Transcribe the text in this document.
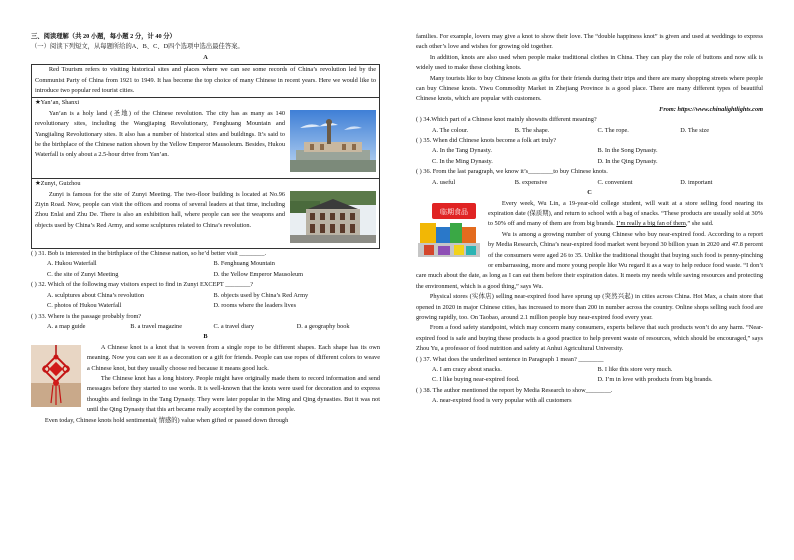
三、阅读理解（共 20 小题，每小题 2 分，计 40 分）

（一）阅读下列短文，从每题所给的A、B、C、D四个选项中选出最佳答案。

A

Red Tourism refers to visiting historical sites and places where we can see some records of China’s revolution led by the Communist Party of China from 1921 to 1949. It has become the top choice of many Chinese in recent years. Here we would like to introduce two popular red tourist cities.

★Yan’an, Shanxi

Yan’an is a holy land (圣地) of the Chinese revolution. The city has as many as 140 revolutionary sites, including the Wangjiaping Revolutionary, Fenghuang Mountain and Yangjialing Revolutionary sites. It also has a number of historical sites and buildings. It’s said to be the birthplace of the Chinese nation shown by the Yellow Emperor Mausoleum. Besides, Hukou Waterfall is only about a 2.5-hour drive from Yan’an.

★Zunyi, Guizhou

Zunyi is famous for the site of Zunyi Meeting. The two-floor building is located at No.96 Ziyin Road. Now, people can visit the offices and rooms of several leaders at that time, including Zhou Enlai and Zhu De. There is also an exhibition hall, where people can see the weapons and objects used by China’s Red Army, and some sculptures related to China’s revolution.

( ) 31. Bob is interested in the birthplace of the Chinese nation, so he’d better visit ________.

A. Hukou Waterfall	B. Fenghuang Mountain
C. the site of Zunyi Meeting	D. the Yellow Emperor Mausoleum

( ) 32. Which of the following may visitors expect to find in Zunyi EXCEPT ________?

A. sculptures about China’s revolution	B. objects used by China’s Red Army
C. photos of Hukou Waterfall	D. rooms where the leaders lives

( ) 33. Where is the passage probably from?

A. a map guide	B. a travel magazine	C. a travel diary	D. a geography book

B

A Chinese knot is a knot that is woven from a single rope to be different shapes. Each shape has its own meaning. Now you can see it as a decoration or a gift for friends. People can use ropes of different colors to weave a Chinese knot, but they usually choose red because it means good luck.

The Chinese knot has a long history. People might have originally made them to record information and send messages before they started to use words. It is well-known that the knots were used for decoration and to express thoughts and feelings in the Tang Dynasty. They were later popular in the Ming and Qing dynasties. But it was not until the Qing Dynasty that this art became really accepted by the common people.

Even today, Chinese knots hold sentimental( 情感的) value when gifted or passed down through

families. For example, lovers may give a knot to show their love. The “double happiness knot” is given and used at weddings to express each other’s love and wishes for growing old together.

In addition, knots are also used when people make traditional clothes in China. They can play the role of buttons and now silk is widely used to make these clothing knots.

Many tourists like to buy Chinese knots as gifts for their friends during their trips and there are many shopping streets where people can buy Chinese knots. Yiwu Commodity Market in Zhejiang Province is a good place. There are many different types of beautiful Chinese knots, which are popular with customers.

From: https://www.chinalightlights.com

( ) 34.Which part of a Chinese knot mainly showsits different meaning?

A. The colour.	B. The shape.	C. The rope.	D. The size

( ) 35. When did Chinese knots become a folk art truly?

A. In the Tang Dynasty.	B. In the Song Dynasty.
C. In the Ming Dynasty.	D. In the Qing Dynasty.

( ) 36. From the last paragraph, we know it’s________to buy Chinese knots.

A. useful	B. expensive	C. convenient	D. important

C

临期食品

Every week, Wu Lin, a 19-year-old college student, will wait at a store selling food nearing its expiration date (保质期), and return to school with a bag of snacks. “These products are usually sold at 30% to 50% off and many of them are from big brands. I’m really a big fan of them,” she said.

Wu is among a growing number of young Chinese who buy near-expired food. According to a report by Media Research, China’s near-expired food market went beyond 30 billion yuan in 2020 and 47.8 percent of the consumers were aged 26 to 35. Unlike the traditional thought that buying such food is penny-pinching or embarrassing, more and more young people like Wu regard it as a way to help reduce food waste. “I don’t care much about the date, as long as I can eat them before their expiration dates. It meets my needs while saving resources and protecting the environment, which is a good thing,” says Wu.

Physical stores (实体店) selling near-expired food have sprung up (突然兴起) in cities across China. Hot Max, a chain store that opened in 2020 in major Chinese cities, has increased to more than 200 in number across the country. Online shops selling such food are growing rapidly, too. On Taobao, around 2.1 million people buy near-expired food every year.

From a food safety standpoint, which may concern many consumers, experts believe that such products won’t do any harm. “Near-expired food is safe and buying these products is a good practice to help prevent waste of resources, which should be encouraged,” says Zhou Yu, a professor of food nutrition and safety at Anhui Agricultural University.

( ) 37. What does the underlined sentence in Paragraph 1 mean? ________

A. I am crazy about snacks.	B. I like this store very much.
C. I like buying near-expired food.	D. I’m in love with products from big brands.

( ) 38. The author mentioned the report by Media Research to show________.

A. near-expired food is very popular with all customers
